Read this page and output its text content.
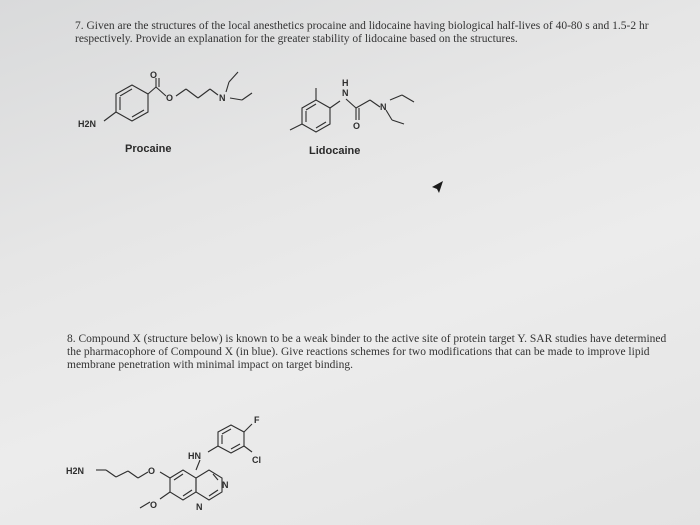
7. Given are the structures of the local anesthetics procaine and lidocaine having biological half-lives of 40-80 s and 1.5-2 hr respectively. Provide an explanation for the greater stability of lidocaine based on the structures.

O
O	N
H2N
H
N
N
O
Procaine	Lidocaine

8. Compound X (structure below) is known to be a weak binder to the active site of protein target Y. SAR studies have determined the pharmacophore of Compound X (in blue). Give reactions schemes for two modifications that can be made to improve lipid membrane penetration with minimal impact on target binding.

F
Cl
HN
H2N	O
O
N
N
